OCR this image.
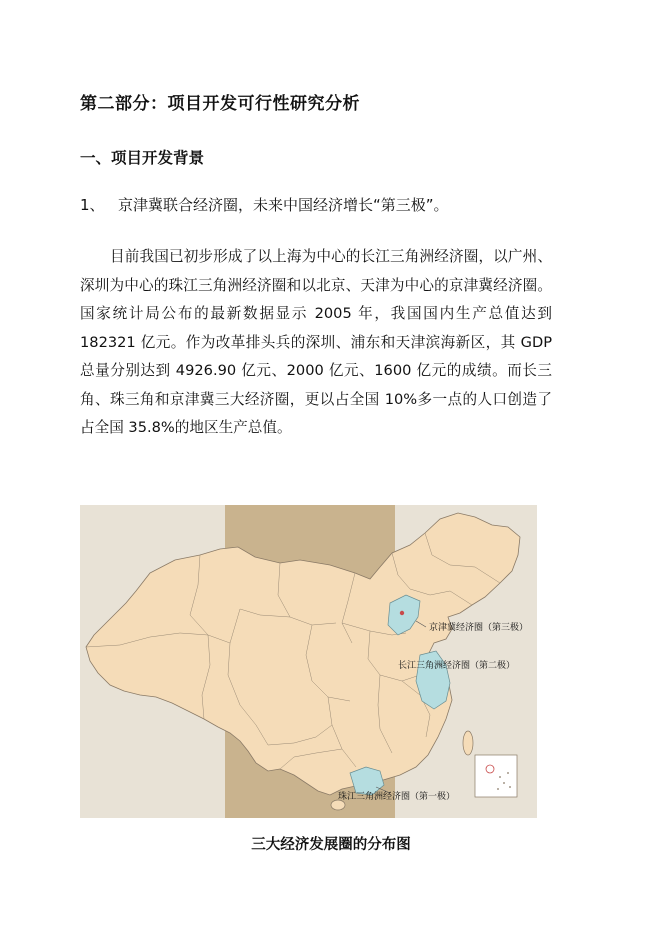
第二部分：项目开发可行性研究分析
一、项目开发背景
1、 京津冀联合经济圈，未来中国经济增长“第三极”。
目前我国已初步形成了以上海为中心的长江三角洲经济圈，以广州、深圳为中心的珠江三角洲经济圈和以北京、天津为中心的京津冀经济圈。国家统计局公布的最新数据显示 2005 年，我国国内生产总值达到 182321 亿元。作为改革排头兵的深圳、浦东和天津滨海新区，其 GDP 总量分别达到 4926.90 亿元、2000 亿元、1600 亿元的成绩。而长三角、珠三角和京津冀三大经济圈，更以占全国 10%多一点的人口创造了占全国 35.8%的地区生产总值。
京津冀经济圈（第三极）
长江三角洲经济圈（第二极）
珠江三角洲经济圈（第一极）
三大经济发展圈的分布图
